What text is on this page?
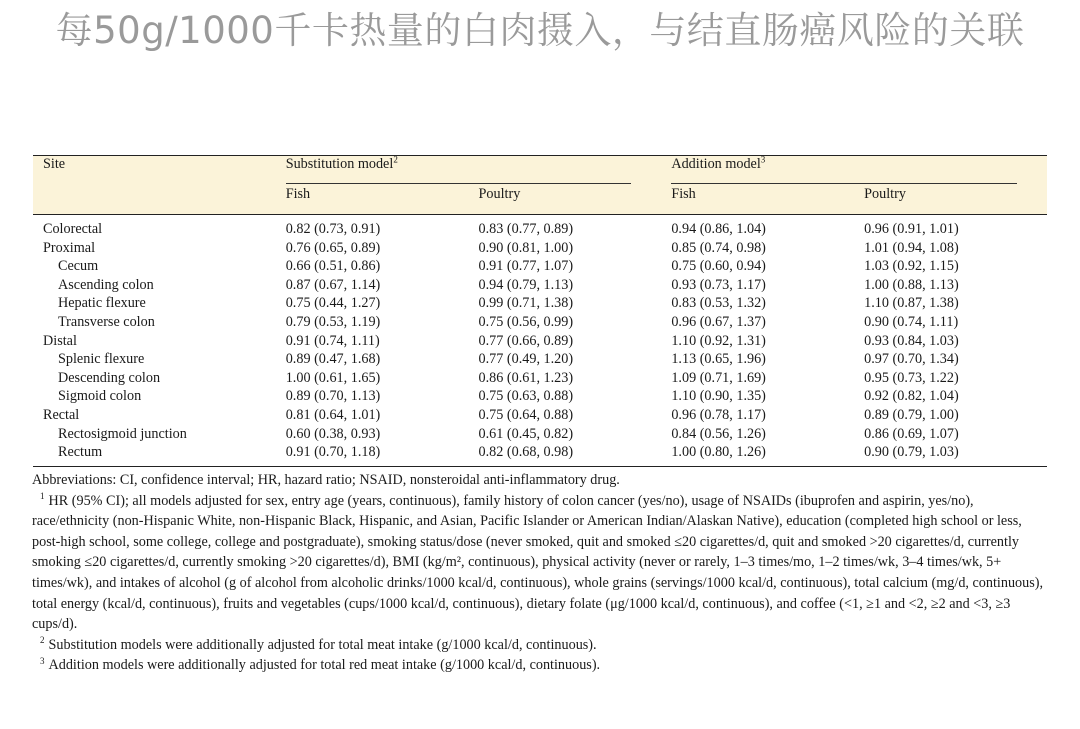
每50g/1000千卡热量的白肉摄入，与结直肠癌风险的关联
Site	Substitution model$^2$		Addition model$^3$

	Fish	Poultry	Fish	Poultry
Colorectal	0.82 (0.73, 0.91)	0.83 (0.77, 0.89)	0.94 (0.86, 1.04)	0.96 (0.91, 1.01)
Proximal	0.76 (0.65, 0.89)	0.90 (0.81, 1.00)	0.85 (0.74, 0.98)	1.01 (0.94, 1.08)
Cecum	0.66 (0.51, 0.86)	0.91 (0.77, 1.07)	0.75 (0.60, 0.94)	1.03 (0.92, 1.15)
Ascending colon	0.87 (0.67, 1.14)	0.94 (0.79, 1.13)	0.93 (0.73, 1.17)	1.00 (0.88, 1.13)
Hepatic flexure	0.75 (0.44, 1.27)	0.99 (0.71, 1.38)	0.83 (0.53, 1.32)	1.10 (0.87, 1.38)
Transverse colon	0.79 (0.53, 1.19)	0.75 (0.56, 0.99)	0.96 (0.67, 1.37)	0.90 (0.74, 1.11)
Distal	0.91 (0.74, 1.11)	0.77 (0.66, 0.89)	1.10 (0.92, 1.31)	0.93 (0.84, 1.03)
Splenic flexure	0.89 (0.47, 1.68)	0.77 (0.49, 1.20)	1.13 (0.65, 1.96)	0.97 (0.70, 1.34)
Descending colon	1.00 (0.61, 1.65)	0.86 (0.61, 1.23)	1.09 (0.71, 1.69)	0.95 (0.73, 1.22)
Sigmoid colon	0.89 (0.70, 1.13)	0.75 (0.63, 0.88)	1.10 (0.90, 1.35)	0.92 (0.82, 1.04)
Rectal	0.81 (0.64, 1.01)	0.75 (0.64, 0.88)	0.96 (0.78, 1.17)	0.89 (0.79, 1.00)
Rectosigmoid junction	0.60 (0.38, 0.93)	0.61 (0.45, 0.82)	0.84 (0.56, 1.26)	0.86 (0.69, 1.07)
Rectum	0.91 (0.70, 1.18)	0.82 (0.68, 0.98)	1.00 (0.80, 1.26)	0.90 (0.79, 1.03)

Abbreviations: CI, confidence interval; HR, hazard ratio; NSAID, nonsteroidal anti-inflammatory drug.

$^1$ HR (95% CI); all models adjusted for sex, entry age (years, continuous), family history of colon cancer (yes/no), usage of NSAIDs (ibuprofen and aspirin, yes/no), race/ethnicity (non-Hispanic White, non-Hispanic Black, Hispanic, and Asian, Pacific Islander or American Indian/Alaskan Native), education (completed high school or less, post-high school, some college, college and postgraduate), smoking status/dose (never smoked, quit and smoked ≤20 cigarettes/d, quit and smoked >20 cigarettes/d, currently smoking ≤20 cigarettes/d, currently smoking >20 cigarettes/d), BMI (kg/m², continuous), physical activity (never or rarely, 1–3 times/mo, 1–2 times/wk, 3–4 times/wk, 5+ times/wk), and intakes of alcohol (g of alcohol from alcoholic drinks/1000 kcal/d, continuous), whole grains (servings/1000 kcal/d, continuous), total calcium (mg/d, continuous), total energy (kcal/d, continuous), fruits and vegetables (cups/1000 kcal/d, continuous), dietary folate (μg/1000 kcal/d, continuous), and coffee (<1, ≥1 and <2, ≥2 and <3, ≥3 cups/d).

$^2$ Substitution models were additionally adjusted for total meat intake (g/1000 kcal/d, continuous).

$^3$ Addition models were additionally adjusted for total red meat intake (g/1000 kcal/d, continuous).
